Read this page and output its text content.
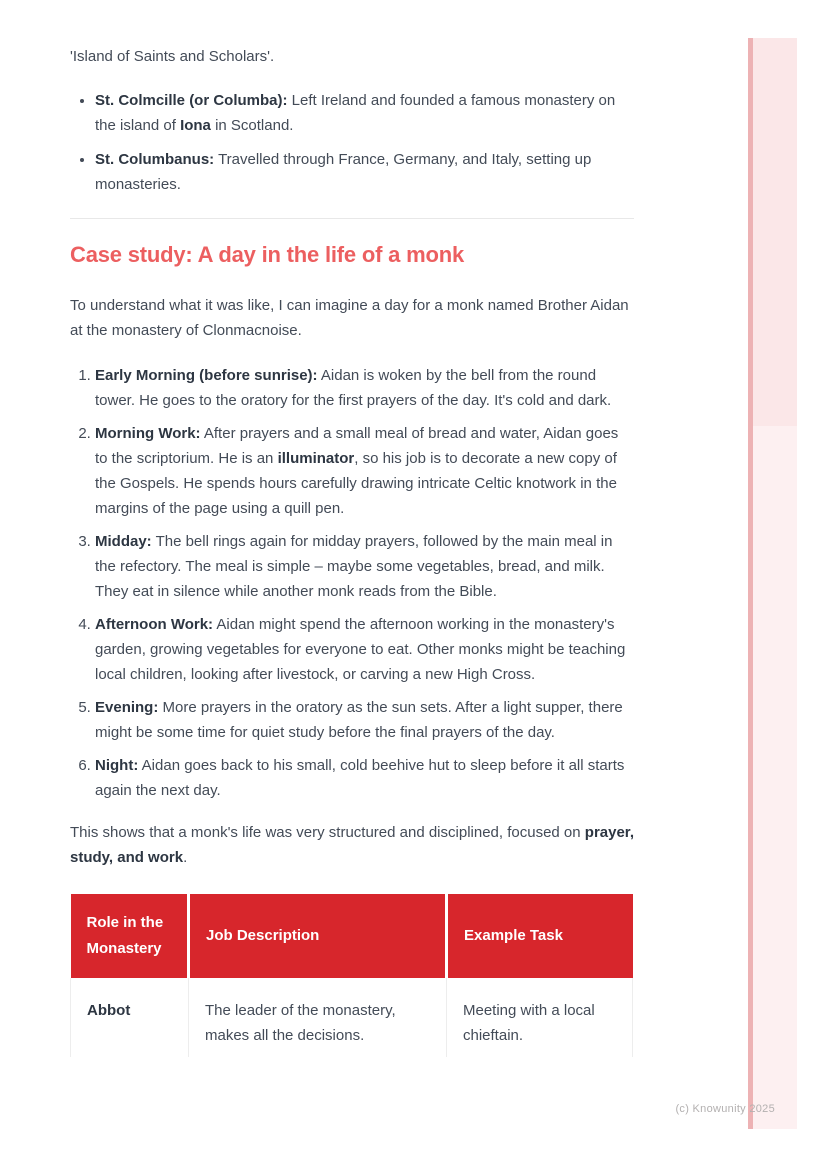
'Island of Saints and Scholars'.

• St. Colmcille (or Columba): Left Ireland and founded a famous monastery on the island of Iona in Scotland.
• St. Columbanus: Travelled through France, Germany, and Italy, setting up monasteries.
Case study: A day in the life of a monk

To understand what it was like, I can imagine a day for a monk named Brother Aidan at the monastery of Clonmacnoise.

1. Early Morning (before sunrise): Aidan is woken by the bell from the round tower. He goes to the oratory for the first prayers of the day. It's cold and dark.
2. Morning Work: After prayers and a small meal of bread and water, Aidan goes to the scriptorium. He is an illuminator, so his job is to decorate a new copy of the Gospels. He spends hours carefully drawing intricate Celtic knotwork in the margins of the page using a quill pen.
3. Midday: The bell rings again for midday prayers, followed by the main meal in the refectory. The meal is simple – maybe some vegetables, bread, and milk. They eat in silence while another monk reads from the Bible.
4. Afternoon Work: Aidan might spend the afternoon working in the monastery's garden, growing vegetables for everyone to eat. Other monks might be teaching local children, looking after livestock, or carving a new High Cross.
5. Evening: More prayers in the oratory as the sun sets. After a light supper, there might be some time for quiet study before the final prayers of the day.
6. Night: Aidan goes back to his small, cold beehive hut to sleep before it all starts again the next day.

This shows that a monk's life was very structured and disciplined, focused on prayer, study, and work.

Role in the Monastery	Job Description	Example Task
Abbot	The leader of the monastery, makes all the decisions.	Meeting with a local chieftain.
(c) Knowunity 2025
